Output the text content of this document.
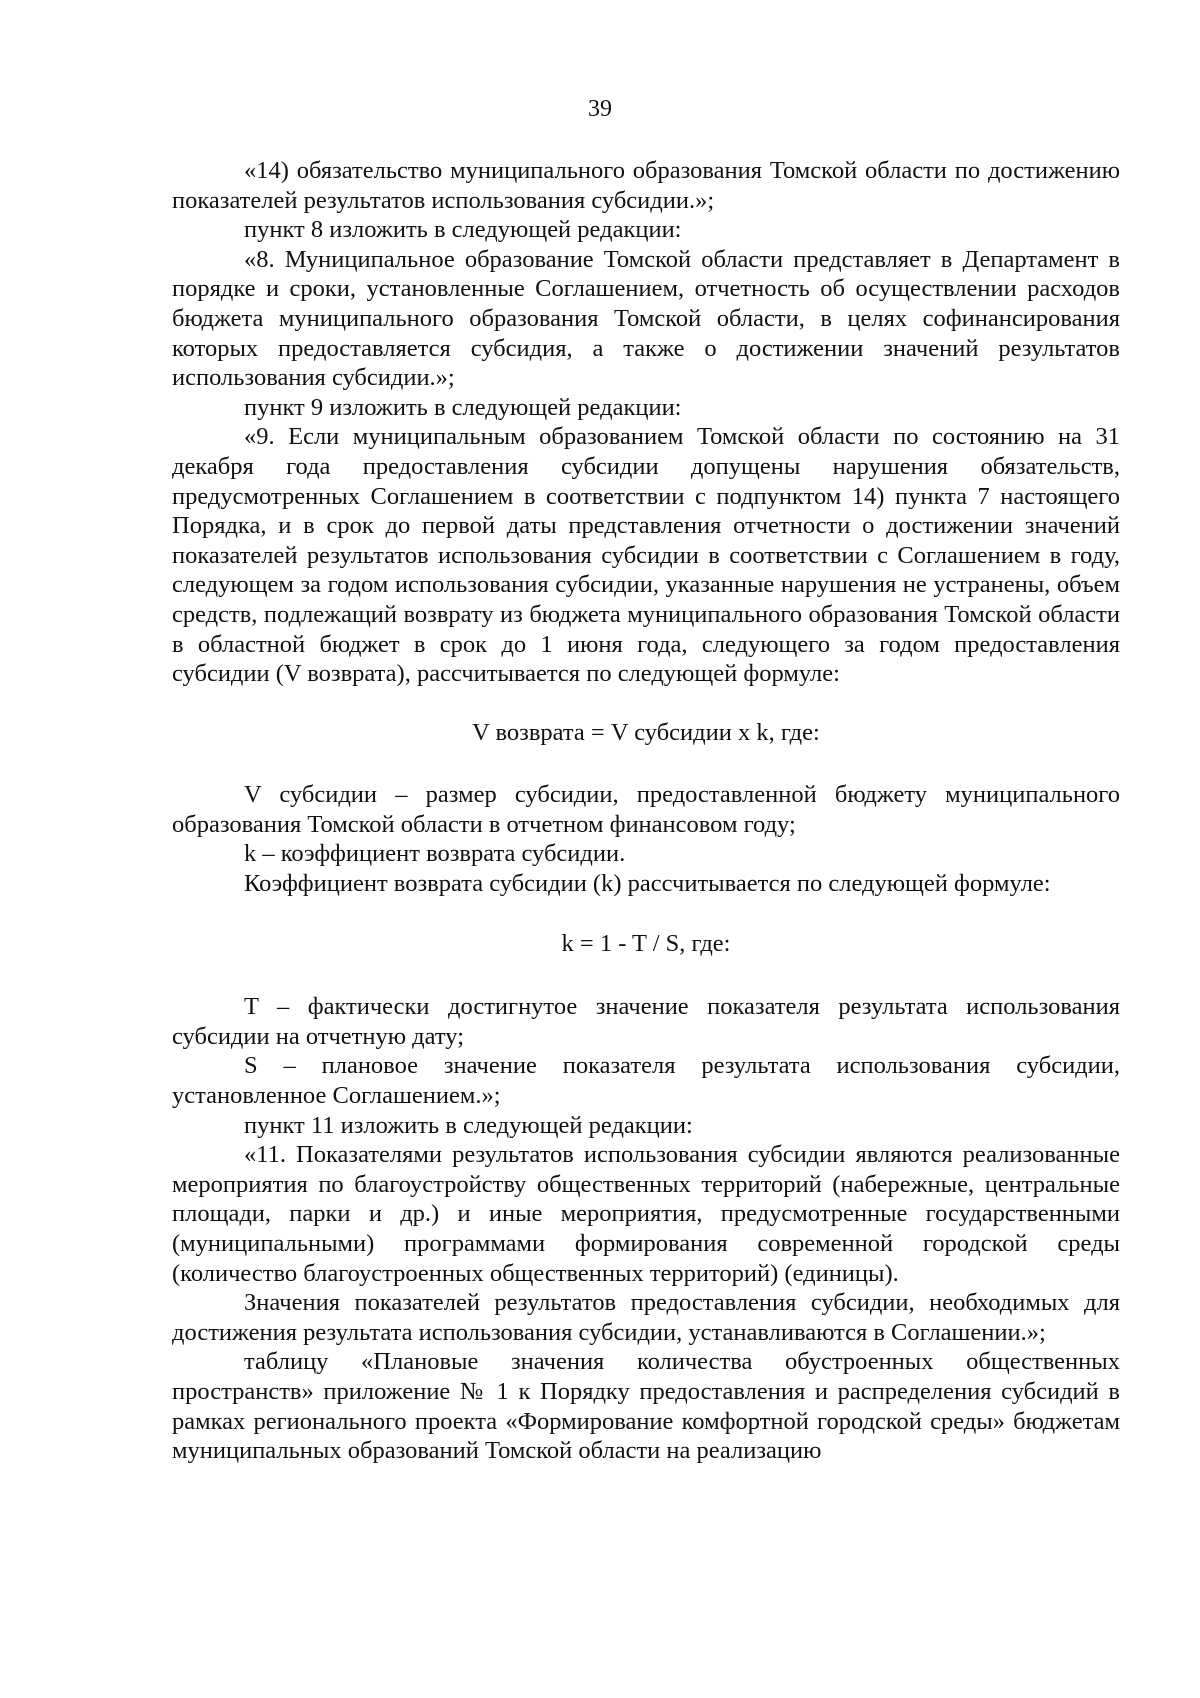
39

«14) обязательство муниципального образования Томской области по достижению показателей результатов использования субсидии.»;

пункт 8 изложить в следующей редакции:

«8. Муниципальное образование Томской области представляет в Департамент в порядке и сроки, установленные Соглашением, отчетность об осуществлении расходов бюджета муниципального образования Томской области, в целях софинансирования которых предоставляется субсидия, а также о достижении значений результатов использования субсидии.»;

пункт 9 изложить в следующей редакции:

«9. Если муниципальным образованием Томской области по состоянию на 31 декабря года предоставления субсидии допущены нарушения обязательств, предусмотренных Соглашением в соответствии с подпунктом 14) пункта 7 настоящего Порядка, и в срок до первой даты представления отчетности о достижении значений показателей результатов использования субсидии в соответствии с Соглашением в году, следующем за годом использования субсидии, указанные нарушения не устранены, объем средств, подлежащий возврату из бюджета муниципального образования Томской области в областной бюджет в срок до 1 июня года, следующего за годом предоставления субсидии (V возврата), рассчитывается по следующей формуле:

V возврата = V субсидии x k, где:

V субсидии – размер субсидии, предоставленной бюджету муниципального образования Томской области в отчетном финансовом году;

k – коэффициент возврата субсидии.

Коэффициент возврата субсидии (k) рассчитывается по следующей формуле:

k = 1 - T / S, где:

T – фактически достигнутое значение показателя результата использования субсидии на отчетную дату;

S – плановое значение показателя результата использования субсидии, установленное Соглашением.»;

пункт 11 изложить в следующей редакции:

«11. Показателями результатов использования субсидии являются реализованные мероприятия по благоустройству общественных территорий (набережные, центральные площади, парки и др.) и иные мероприятия, предусмотренные государственными (муниципальными) программами формирования современной городской среды (количество благоустроенных общественных территорий) (единицы).

Значения показателей результатов предоставления субсидии, необходимых для достижения результата использования субсидии, устанавливаются в Соглашении.»;

таблицу «Плановые значения количества обустроенных общественных пространств» приложение № 1 к Порядку предоставления и распределения субсидий в рамках регионального проекта «Формирование комфортной городской среды» бюджетам муниципальных образований Томской области на реализацию
